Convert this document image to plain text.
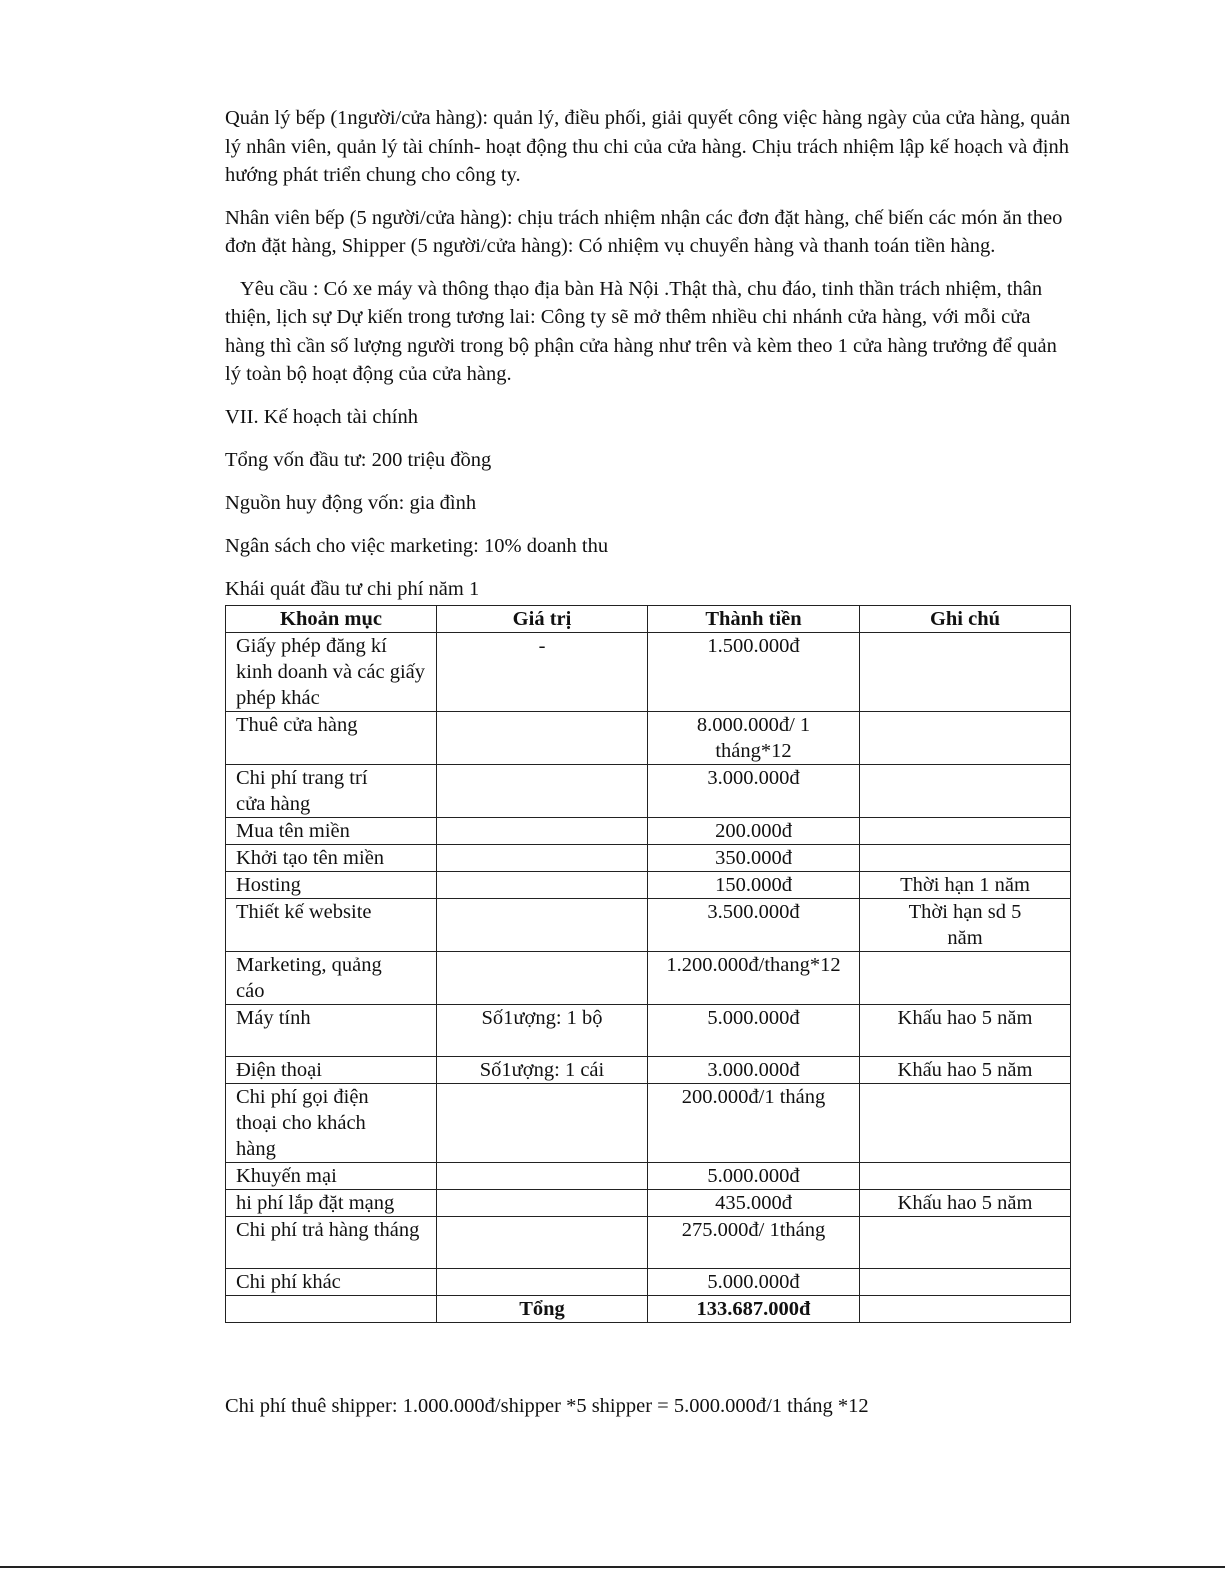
Quản lý bếp (1người/cửa hàng): quản lý, điều phối, giải quyết công việc hàng ngày của cửa hàng, quản lý nhân viên, quản lý tài chính- hoạt động thu chi của cửa hàng. Chịu trách nhiệm lập kế hoạch và định hướng phát triển chung cho công ty.

Nhân viên bếp (5 người/cửa hàng): chịu trách nhiệm nhận các đơn đặt hàng, chế biến các món ăn theo đơn đặt hàng, Shipper (5 người/cửa hàng): Có nhiệm vụ chuyển hàng và thanh toán tiền hàng.

Yêu cầu : Có xe máy và thông thạo địa bàn Hà Nội .Thật thà, chu đáo, tinh thần trách nhiệm, thân thiện, lịch sự Dự kiến trong tương lai: Công ty sẽ mở thêm nhiều chi nhánh cửa hàng, với mỗi cửa hàng thì cần số lượng người trong bộ phận cửa hàng như trên và kèm theo 1 cửa hàng trưởng để quản lý toàn bộ hoạt động của cửa hàng.

VII. Kế hoạch tài chính

Tổng vốn đầu tư: 200 triệu đồng

Nguồn huy động vốn: gia đình

Ngân sách cho việc marketing: 10% doanh thu

Khái quát đầu tư chi phí năm 1

Khoản mục	Giá trị	Thành tiền	Ghi chú
Giấy phép đăng kí kinh doanh và các giấy phép khác	-	1.500.000đ	
Thuê cửa hàng		8.000.000đ/ 1 tháng*12	
Chi phí trang trí cửa hàng		3.000.000đ	
Mua tên miền		200.000đ	
Khởi tạo tên miền		350.000đ	
Hosting		150.000đ	Thời hạn 1 năm
Thiết kế website		3.500.000đ	Thời hạn sd 5 năm
Marketing, quảng cáo		1.200.000đ/thang*12	
Máy tính	Số1ượng: 1 bộ	5.000.000đ	Khấu hao 5 năm
Điện thoại	Số1ượng: 1 cái	3.000.000đ	Khấu hao 5 năm
Chi phí gọi điện thoại cho khách hàng		200.000đ/1 tháng	
Khuyến mại		5.000.000đ	
hi phí lắp đặt mạng		435.000đ	Khấu hao 5 năm
Chi phí trả hàng tháng		275.000đ/ 1tháng	
Chi phí khác		5.000.000đ	
	Tổng	133.687.000đ	

Chi phí thuê shipper: 1.000.000đ/shipper *5 shipper = 5.000.000đ/1 tháng *12
